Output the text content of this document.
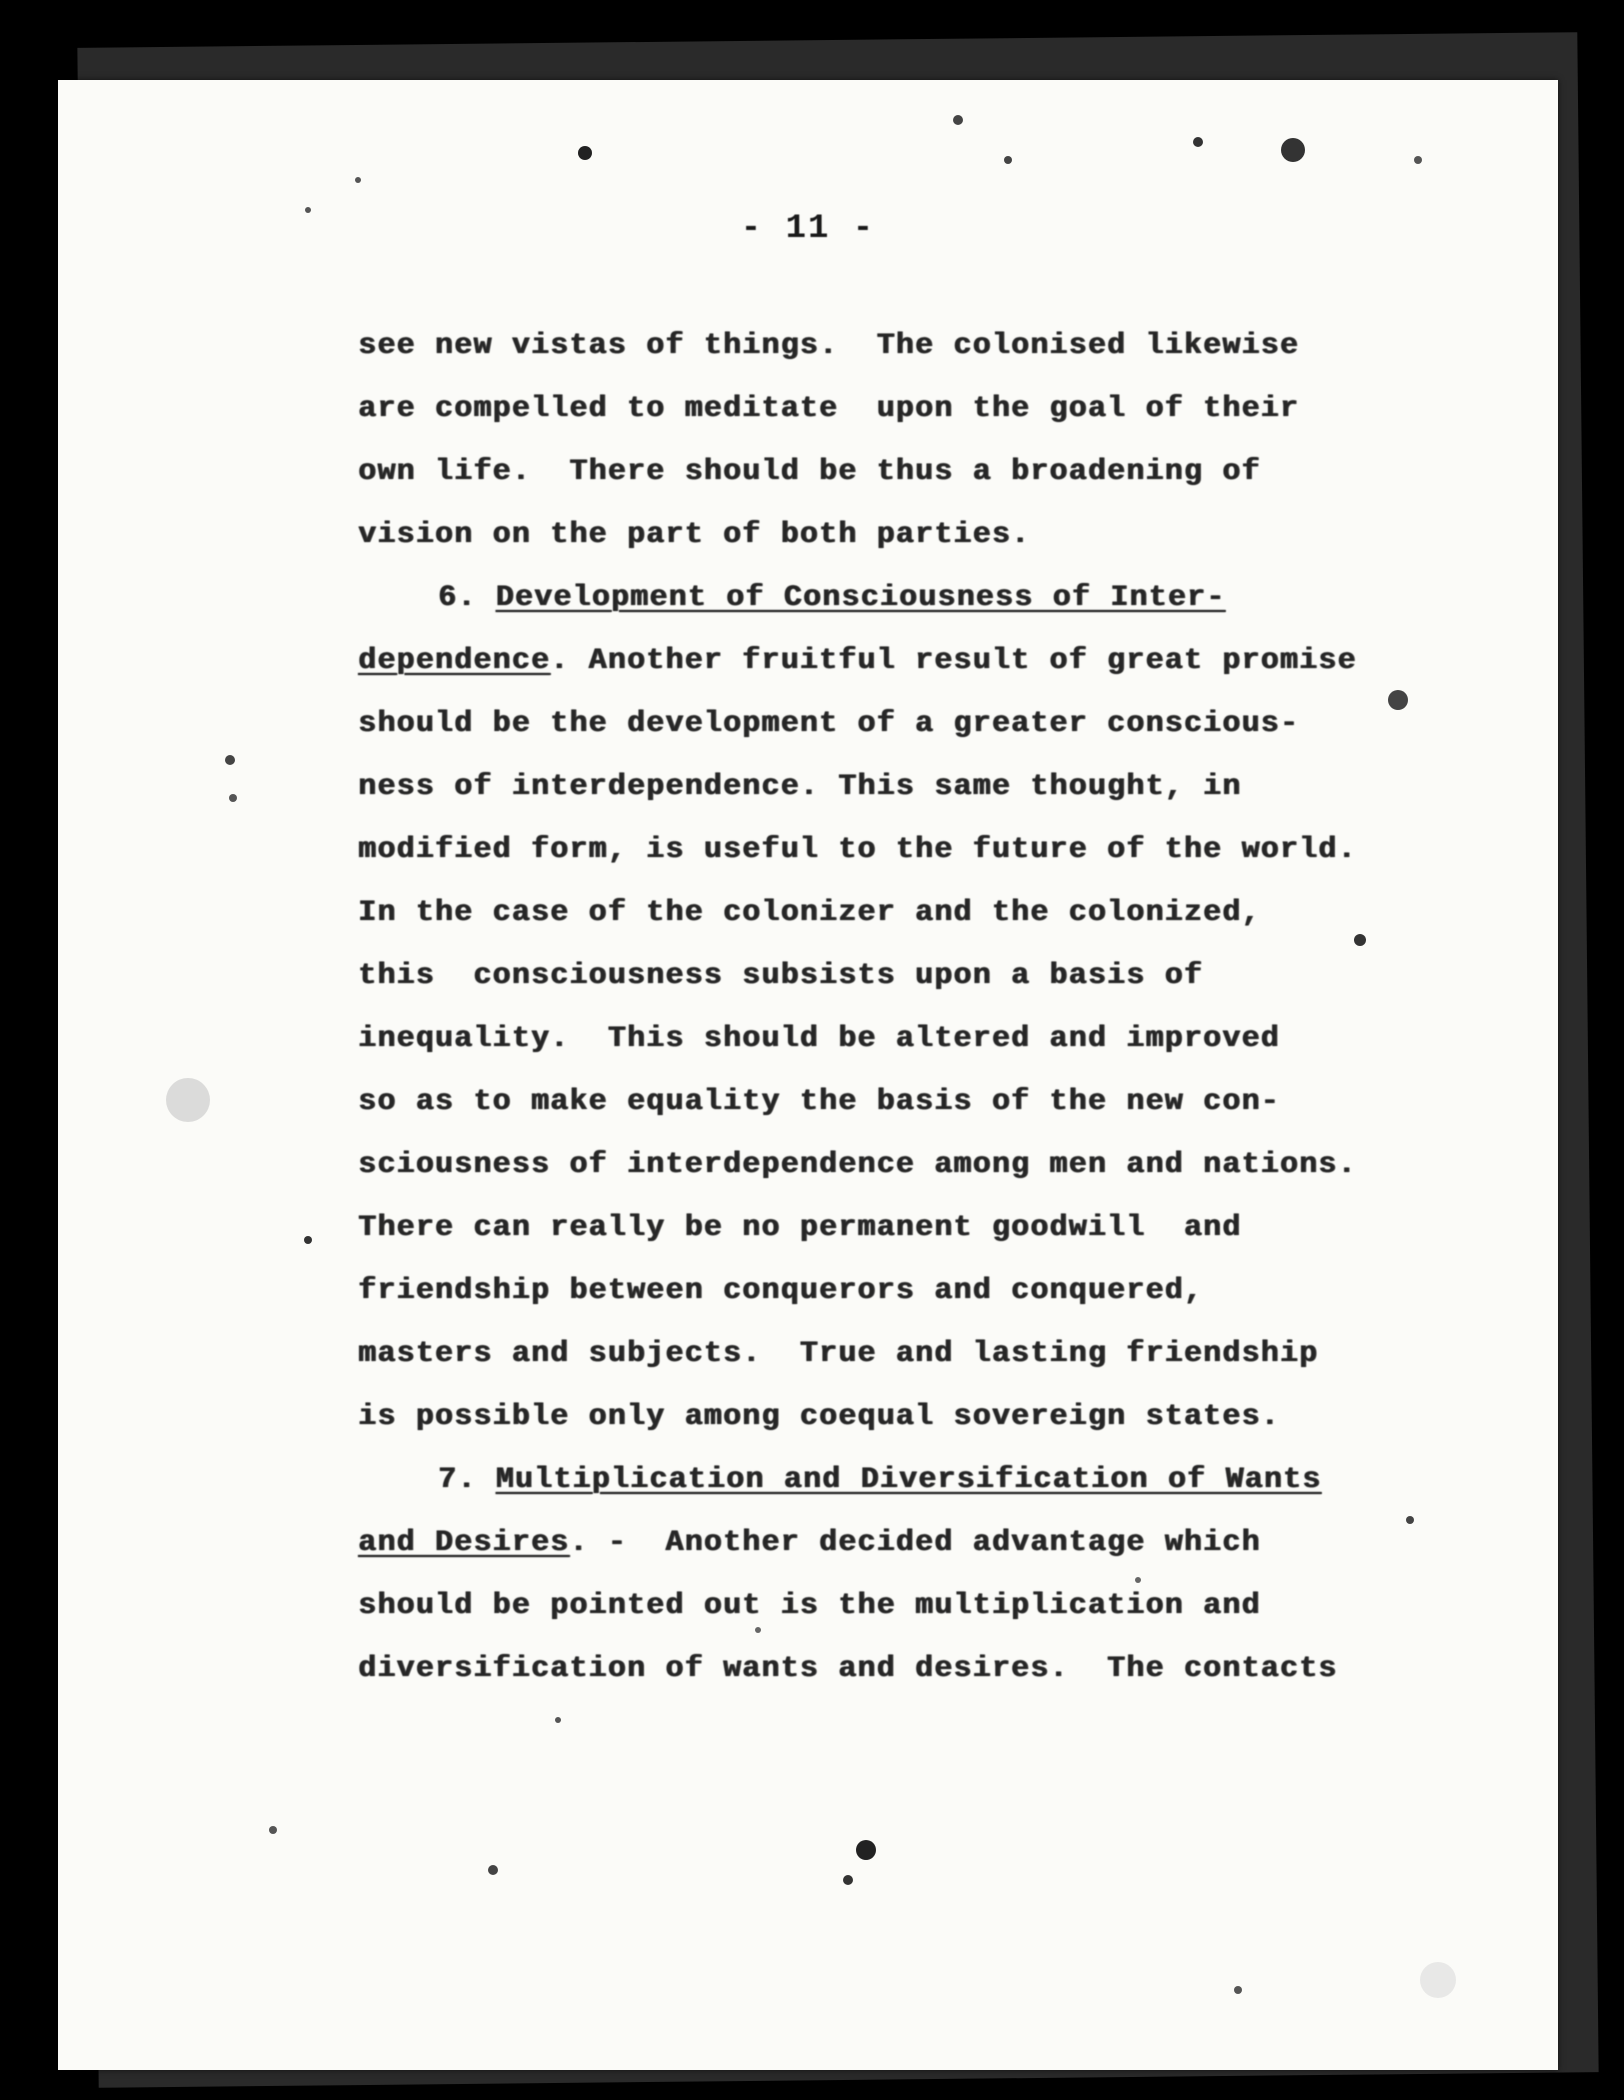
- 11 -
see new vistas of things.  The colonised likewise
are compelled to meditate  upon the goal of their
own life.  There should be thus a broadening of
vision on the part of both parties.
6. Development of Consciousness of Inter-
dependence. Another fruitful result of great promise
should be the development of a greater conscious-
ness of interdependence. This same thought, in
modified form, is useful to the future of the world.
In the case of the colonizer and the colonized,
this  consciousness subsists upon a basis of
inequality.  This should be altered and improved
so as to make equality the basis of the new con-
sciousness of interdependence among men and nations.
There can really be no permanent goodwill  and
friendship between conquerors and conquered,
masters and subjects.  True and lasting friendship
is possible only among coequal sovereign states.
7. Multiplication and Diversification of Wants
and Desires. -  Another decided advantage which
should be pointed out is the multiplication and
diversification of wants and desires.  The contacts
